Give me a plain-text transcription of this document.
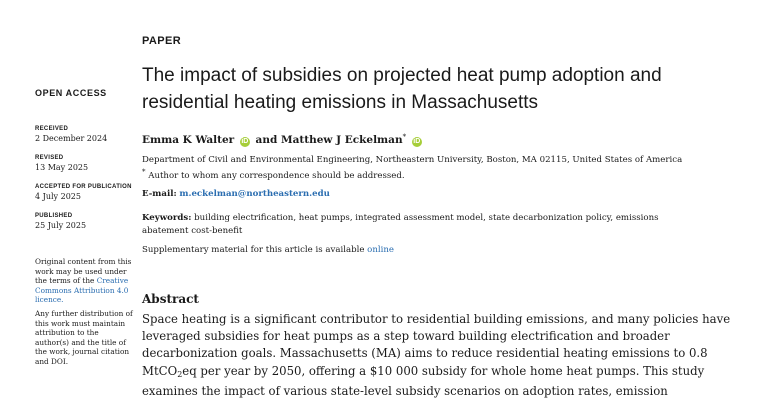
OPEN ACCESS
RECEIVED
2 December 2024
REVISED
13 May 2025
ACCEPTED FOR PUBLICATION
4 July 2025
PUBLISHED
25 July 2025

Original content from this work may be used under the terms of the Creative Commons Attribution 4.0 licence.

Any further distribution of this work must maintain attribution to the author(s) and the title of the work, journal citation and DOI.

PAPER
The impact of subsidies on projected heat pump adoption and residential heating emissions in Massachusetts
Emma K Walter iD and Matthew J Eckelman* iD
Department of Civil and Environmental Engineering, Northeastern University, Boston, MA 02115, United States of America
* Author to whom any correspondence should be addressed.
E-mail: m.eckelman@northeastern.edu
Keywords: building electrification, heat pumps, integrated assessment model, state decarbonization policy, emissions abatement cost-benefit
Supplementary material for this article is available online
Abstract

Space heating is a significant contributor to residential building emissions, and many policies have leveraged subsidies for heat pumps as a step toward building electrification and broader decarbonization goals. Massachusetts (MA) aims to reduce residential heating emissions to 0.8 MtCO$_2$eq per year by 2050, offering a $10 000 subsidy for whole home heat pumps. This study examines the impact of various state-level subsidy scenarios on adoption rates, emission
